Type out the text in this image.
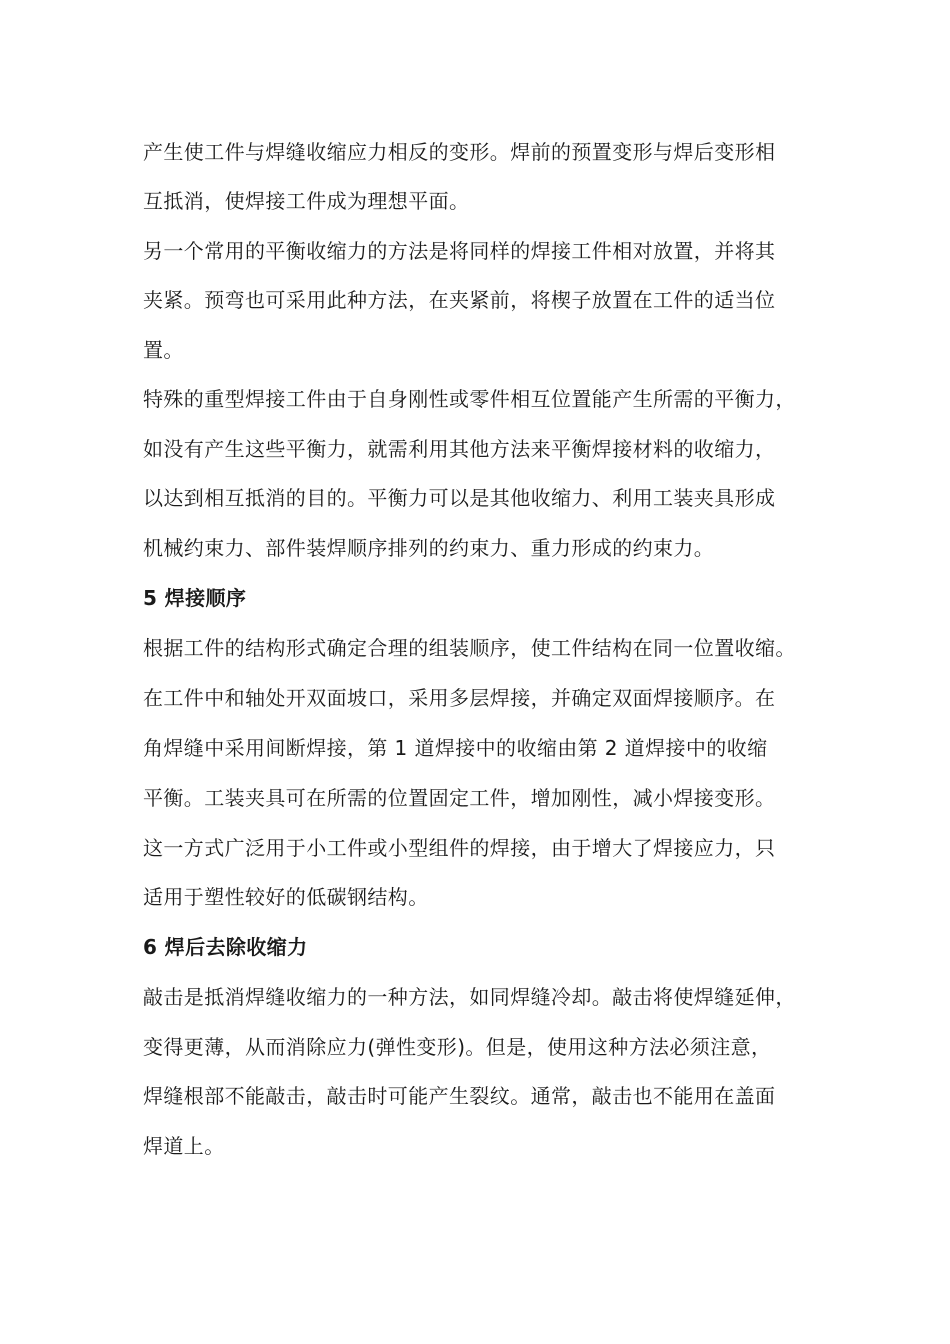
产生使工件与焊缝收缩应力相反的变形。焊前的预置变形与焊后变形相
互抵消，使焊接工件成为理想平面。
另一个常用的平衡收缩力的方法是将同样的焊接工件相对放置，并将其
夹紧。预弯也可采用此种方法，在夹紧前，将楔子放置在工件的适当位
置。
特殊的重型焊接工件由于自身刚性或零件相互位置能产生所需的平衡力，
如没有产生这些平衡力，就需利用其他方法来平衡焊接材料的收缩力，
以达到相互抵消的目的。平衡力可以是其他收缩力、利用工装夹具形成
机械约束力、部件装焊顺序排列的约束力、重力形成的约束力。
5 焊接顺序
根据工件的结构形式确定合理的组装顺序，使工件结构在同一位置收缩。
在工件中和轴处开双面坡口，采用多层焊接，并确定双面焊接顺序。在
角焊缝中采用间断焊接，第 1 道焊接中的收缩由第 2 道焊接中的收缩
平衡。工装夹具可在所需的位置固定工件，增加刚性，减小焊接变形。
这一方式广泛用于小工件或小型组件的焊接，由于增大了焊接应力，只
适用于塑性较好的低碳钢结构。
6 焊后去除收缩力
敲击是抵消焊缝收缩力的一种方法，如同焊缝冷却。敲击将使焊缝延伸，
变得更薄，从而消除应力(弹性变形)。但是，使用这种方法必须注意，
焊缝根部不能敲击，敲击时可能产生裂纹。通常，敲击也不能用在盖面
焊道上。
